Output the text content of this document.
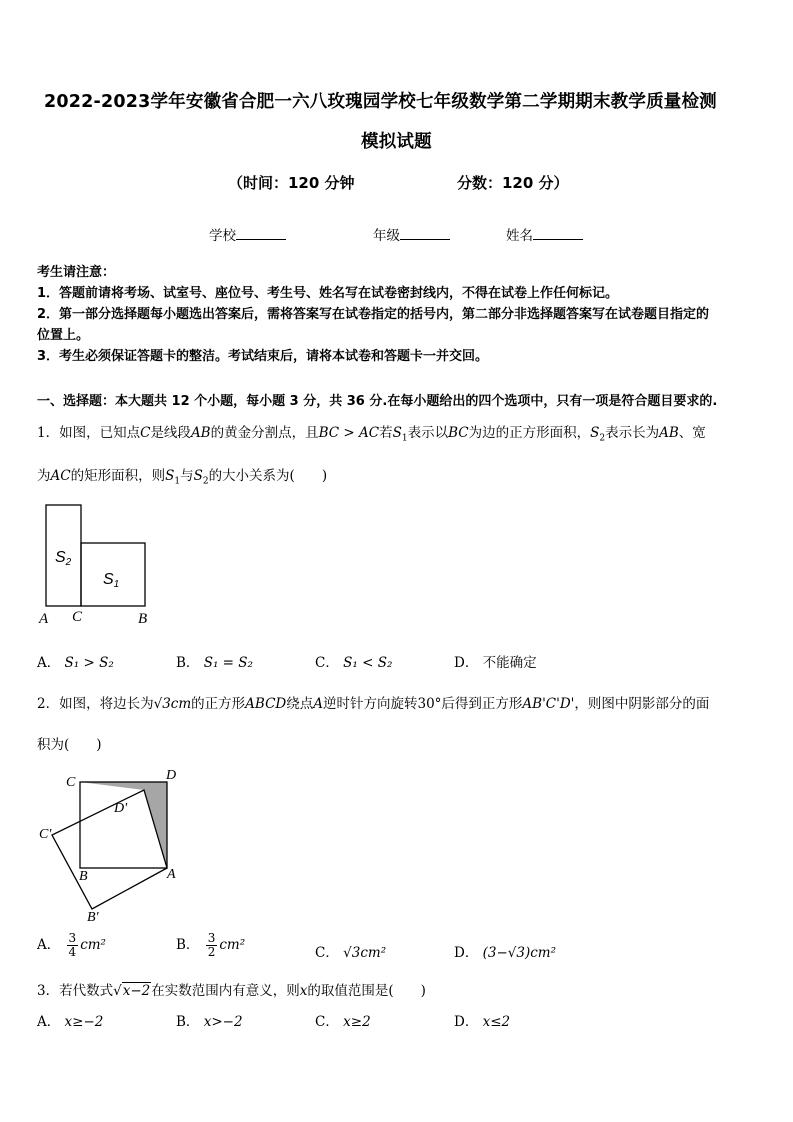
2022-2023学年安徽省合肥一六八玫瑰园学校七年级数学第二学期期末教学质量检测
模拟试题
（时间：120 分钟	分数：120 分）
学校	年级	姓名
考生请注意：
1．答题前请将考场、试室号、座位号、考生号、姓名写在试卷密封线内，不得在试卷上作任何标记。
2．第一部分选择题每小题选出答案后，需将答案写在试卷指定的括号内，第二部分非选择题答案写在试卷题目指定的
位置上。
3．考生必须保证答题卡的整洁。考试结束后，请将本试卷和答题卡一并交回。
一、选择题：本大题共 12 个小题，每小题 3 分，共 36 分.在每小题给出的四个选项中，只有一项是符合题目要求的.
1．如图，已知点C是线段AB的黄金分割点，且BC > AC若$S_1$表示以BC为边的正方形面积，$S_2$表示长为AB、宽
为AC的矩形面积，则$S_1$与$S_2$的大小关系为(　　)
S2
S1
A C	B
A． S₁ > S₂	B． S₁ = S₂	C． S₁ < S₂	D． 不能确定
2．如图，将边长为√3cm的正方形ABCD绕点A逆时针方向旋转30°后得到正方形AB'C'D'，则图中阴影部分的面
积为(　　)
C	D
D'
C'
B	A
B'
A． $\frac{3}{4} cm^2$	B． $\frac{3}{2} cm^2$	C． √3cm²	D． (3−√3)cm²
3．若代数式√x−2在实数范围内有意义，则x的取值范围是(　　)
A． x≥−2	B． x>−2	C． x≥2	D． x≤2
